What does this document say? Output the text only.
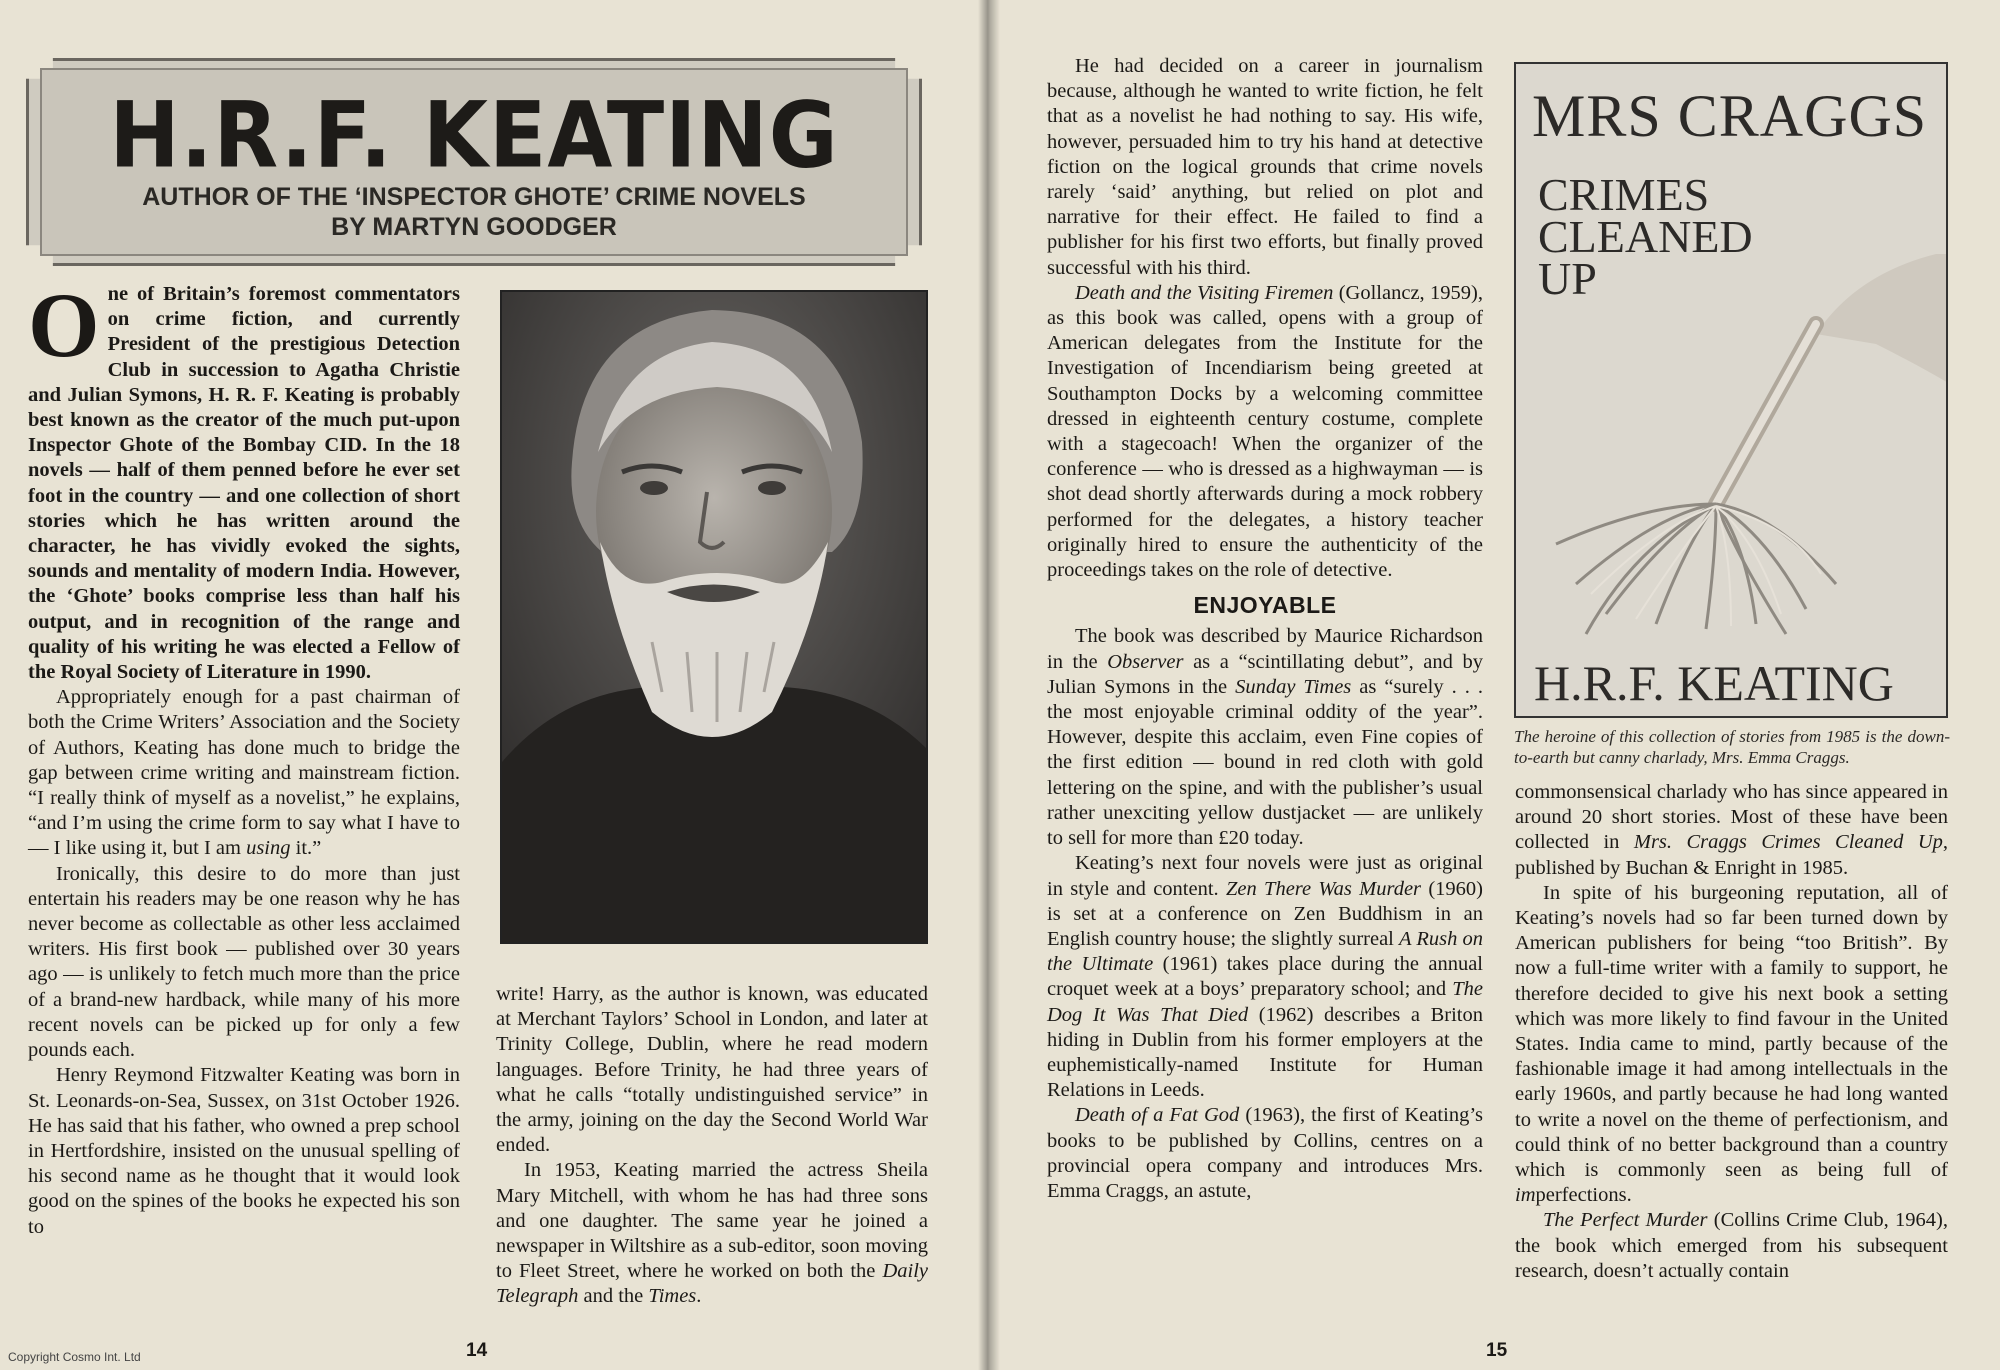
H.R.F. KEATING
AUTHOR OF THE ‘INSPECTOR GHOTE’ CRIME NOVELS
BY MARTYN GOODGER

One of Britain’s foremost commentators on crime fiction, and currently President of the prestigious Detection Club in succession to Agatha Christie and Julian Symons, H. R. F. Keating is probably best known as the creator of the much put-upon Inspector Ghote of the Bombay CID. In the 18 novels — half of them penned before he ever set foot in the country — and one collection of short stories which he has written around the character, he has vividly evoked the sights, sounds and mentality of modern India. However, the ‘Ghote’ books comprise less than half his output, and in recognition of the range and quality of his writing he was elected a Fellow of the Royal Society of Literature in 1990.

Appropriately enough for a past chairman of both the Crime Writers’ Association and the Society of Authors, Keating has done much to bridge the gap between crime writing and mainstream fiction. “I really think of myself as a novelist,” he explains, “and I’m using the crime form to say what I have to — I like using it, but I am using it.”

Ironically, this desire to do more than just entertain his readers may be one reason why he has never become as collectable as other less acclaimed writers. His first book — published over 30 years ago — is unlikely to fetch much more than the price of a brand-new hardback, while many of his more recent novels can be picked up for only a few pounds each.

Henry Reymond Fitzwalter Keating was born in St. Leonards-on-Sea, Sussex, on 31st October 1926. He has said that his father, who owned a prep school in Hertfordshire, insisted on the unusual spelling of his second name as he thought that it would look good on the spines of the books he expected his son to

write! Harry, as the author is known, was educated at Merchant Taylors’ School in London, and later at Trinity College, Dublin, where he read modern languages. Before Trinity, he had three years of what he calls “totally undistinguished service” in the army, joining on the day the Second World War ended.

In 1953, Keating married the actress Sheila Mary Mitchell, with whom he has had three sons and one daughter. The same year he joined a newspaper in Wiltshire as a sub-editor, soon moving to Fleet Street, where he worked on both the Daily Telegraph and the Times.

14
Copyright Cosmo Int. Ltd	15

He had decided on a career in journalism because, although he wanted to write fiction, he felt that as a novelist he had nothing to say. His wife, however, persuaded him to try his hand at detective fiction on the logical grounds that crime novels rarely ‘said’ anything, but relied on plot and narrative for their effect. He failed to find a publisher for his first two efforts, but finally proved successful with his third.

Death and the Visiting Firemen (Gollancz, 1959), as this book was called, opens with a group of American delegates from the Institute for the Investigation of Incendiarism being greeted at Southampton Docks by a welcoming committee dressed in eighteenth century costume, complete with a stagecoach! When the organizer of the conference — who is dressed as a highwayman — is shot dead shortly afterwards during a mock robbery performed for the delegates, a history teacher originally hired to ensure the authenticity of the proceedings takes on the role of detective.

ENJOYABLE

The book was described by Maurice Richardson in the Observer as a “scintillating debut”, and by Julian Symons in the Sunday Times as “surely . . . the most enjoyable criminal oddity of the year”. However, despite this acclaim, even Fine copies of the first edition — bound in red cloth with gold lettering on the spine, and with the publisher’s usual rather unexciting yellow dustjacket — are unlikely to sell for more than £20 today.

Keating’s next four novels were just as original in style and content. Zen There Was Murder (1960) is set at a conference on Zen Buddhism in an English country house; the slightly surreal A Rush on the Ultimate (1961) takes place during the annual croquet week at a boys’ preparatory school; and The Dog It Was That Died (1962) describes a Briton hiding in Dublin from his former employers at the euphemistically-named Institute for Human Relations in Leeds.

Death of a Fat God (1963), the first of Keating’s books to be published by Collins, centres on a provincial opera company and introduces Mrs. Emma Craggs, an astute,

MRS CRAGGS
CRIMES
CLEANED
UP
H.R.F. KEATING
The heroine of this collection of stories from 1985 is the down-to-earth but canny charlady, Mrs. Emma Craggs.

commonsensical charlady who has since appeared in around 20 short stories. Most of these have been collected in Mrs. Craggs Crimes Cleaned Up, published by Buchan & Enright in 1985.

In spite of his burgeoning reputation, all of Keating’s novels had so far been turned down by American publishers for being “too British”. By now a full-time writer with a family to support, he therefore decided to give his next book a setting which was more likely to find favour in the United States. India came to mind, partly because of the fashionable image it had among intellectuals in the early 1960s, and partly because he had long wanted to write a novel on the theme of perfectionism, and could think of no better background than a country which is commonly seen as being full of imperfections.

The Perfect Murder (Collins Crime Club, 1964), the book which emerged from his subsequent research, doesn’t actually contain
